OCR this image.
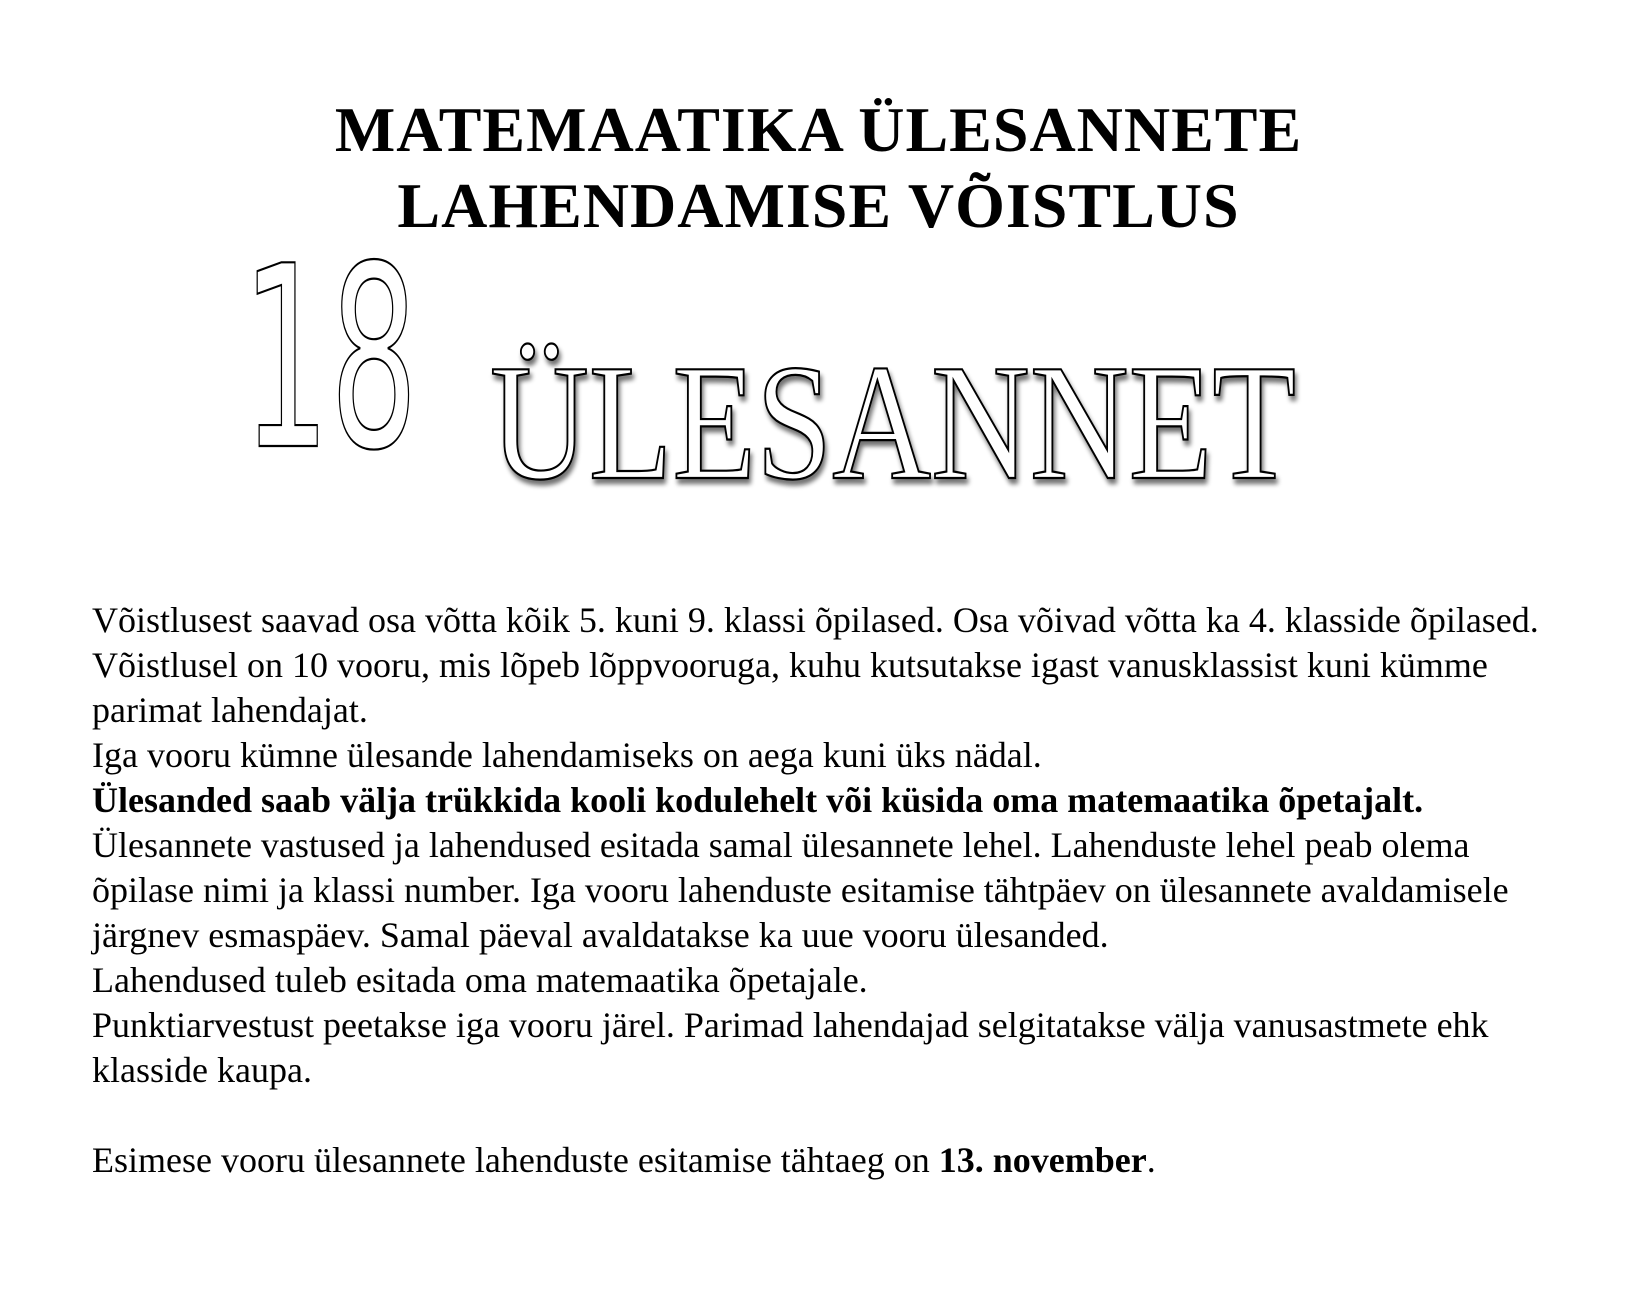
MATEMAATIKA ÜLESANNETE
LAHENDAMISE VÕISTLUS
18 ÜLESANNET

Võistlusest saavad osa võtta kõik 5. kuni 9. klassi õpilased. Osa võivad võtta ka 4. klasside õpilased.

Võistlusel on 10 vooru, mis lõpeb lõppvooruga, kuhu kutsutakse igast vanusklassist kuni kümme parimat lahendajat.

Iga vooru kümne ülesande lahendamiseks on aega kuni üks nädal.

Ülesanded saab välja trükkida kooli kodulehelt või küsida oma matemaatika õpetajalt.

Ülesannete vastused ja lahendused esitada samal ülesannete lehel. Lahenduste lehel peab olema õpilase nimi ja klassi number. Iga vooru lahenduste esitamise tähtpäev on ülesannete avaldamisele järgnev esmaspäev. Samal päeval avaldatakse ka uue vooru ülesanded.

Lahendused tuleb esitada oma matemaatika õpetajale.

Punktiarvestust peetakse iga vooru järel. Parimad lahendajad selgitatakse välja vanusastmete ehk klasside kaupa.

Esimese vooru ülesannete lahenduste esitamise tähtaeg on 13. november.
